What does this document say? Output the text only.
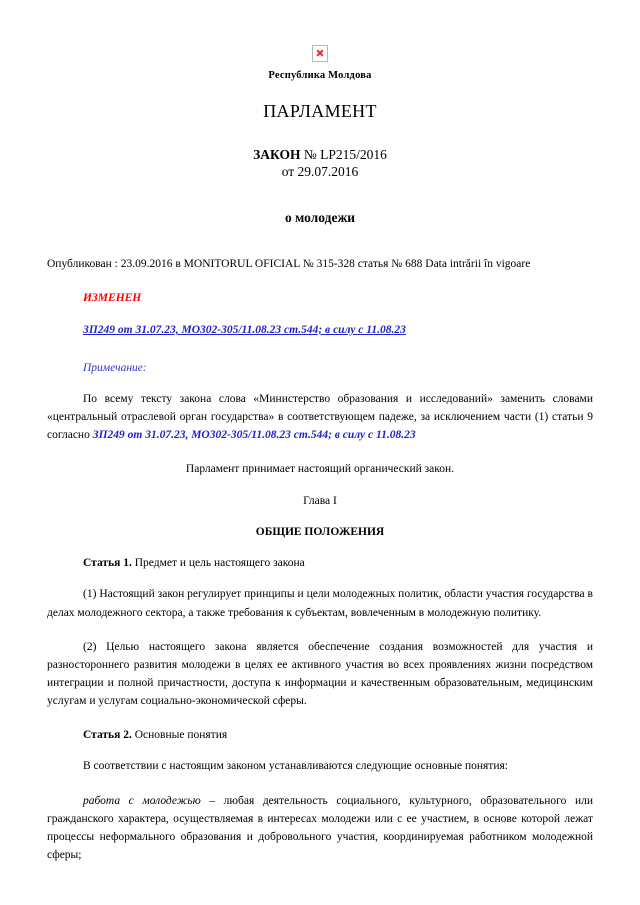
Республика Молдова
ПАРЛАМЕНТ
ЗАКОН № LP215/2016
от 29.07.2016
о молодежи
Опубликован : 23.09.2016 в MONITORUL OFICIAL № 315-328 статья № 688 Data intrării în vigoare
ИЗМЕНЕН
ЗП249 от 31.07.23, МО302-305/11.08.23 ст.544; в силу с 11.08.23
Примечание:

По всему тексту закона слова «Министерство образования и исследований» заменить словами «центральный отраслевой орган государства» в соответствующем падеже, за исключением части (1) статьи 9 согласно ЗП249 от 31.07.23, МО302-305/11.08.23 ст.544; в силу с 11.08.23

Парламент принимает настоящий органический закон.

Глава I
ОБЩИЕ ПОЛОЖЕНИЯ
Статья 1. Предмет и цель настоящего закона

(1) Настоящий закон регулирует принципы и цели молодежных политик, области участия государства в делах молодежного сектора, а также требования к субъектам, вовлеченным в молодежную политику.

(2) Целью настоящего закона является обеспечение создания возможностей для участия и разностороннего развития молодежи в целях ее активного участия во всех проявлениях жизни посредством интеграции и полной причастности, доступа к информации и качественным образовательным, медицинским услугам и услугам социально-экономической сферы.

Статья 2. Основные понятия

В соответствии с настоящим законом устанавливаются следующие основные понятия:

работа с молодежью – любая деятельность социального, культурного, образовательного или гражданского характера, осуществляемая в интересах молодежи или с ее участием, в основе которой лежат процессы неформального образования и добровольного участия, координируемая работником молодежной сферы;
